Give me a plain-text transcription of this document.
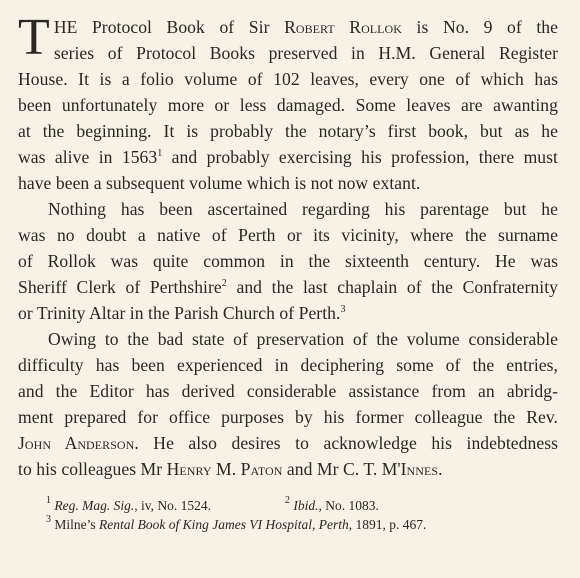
T HE Protocol Book of Sir Robert Rollok is No. 9 of the
series of Protocol Books preserved in H.M. General Register
House. It is a folio volume of 102 leaves, every one of which has
been unfortunately more or less damaged. Some leaves are awanting
at the beginning. It is probably the notary’s first book, but as he
was alive in 1563$^1$ and probably exercising his profession, there must
have been a subsequent volume which is not now extant.
Nothing has been ascertained regarding his parentage but he
was no doubt a native of Perth or its vicinity, where the surname
of Rollok was quite common in the sixteenth century. He was
Sheriff Clerk of Perthshire$^2$ and the last chaplain of the Confraternity
or Trinity Altar in the Parish Church of Perth.$^3$
Owing to the bad state of preservation of the volume considerable
difficulty has been experienced in deciphering some of the entries,
and the Editor has derived considerable assistance from an abridg-
ment prepared for office purposes by his former colleague the Rev.
John Anderson. He also desires to acknowledge his indebtedness
to his colleagues Mr Henry M. Paton and Mr C. T. M'Innes.
$^1$ Reg. Mag. Sig., iv, No. 1524.	$^2$ Ibid., No. 1083.
$^3$ Milne’s Rental Book of King James VI Hospital, Perth, 1891, p. 467.
